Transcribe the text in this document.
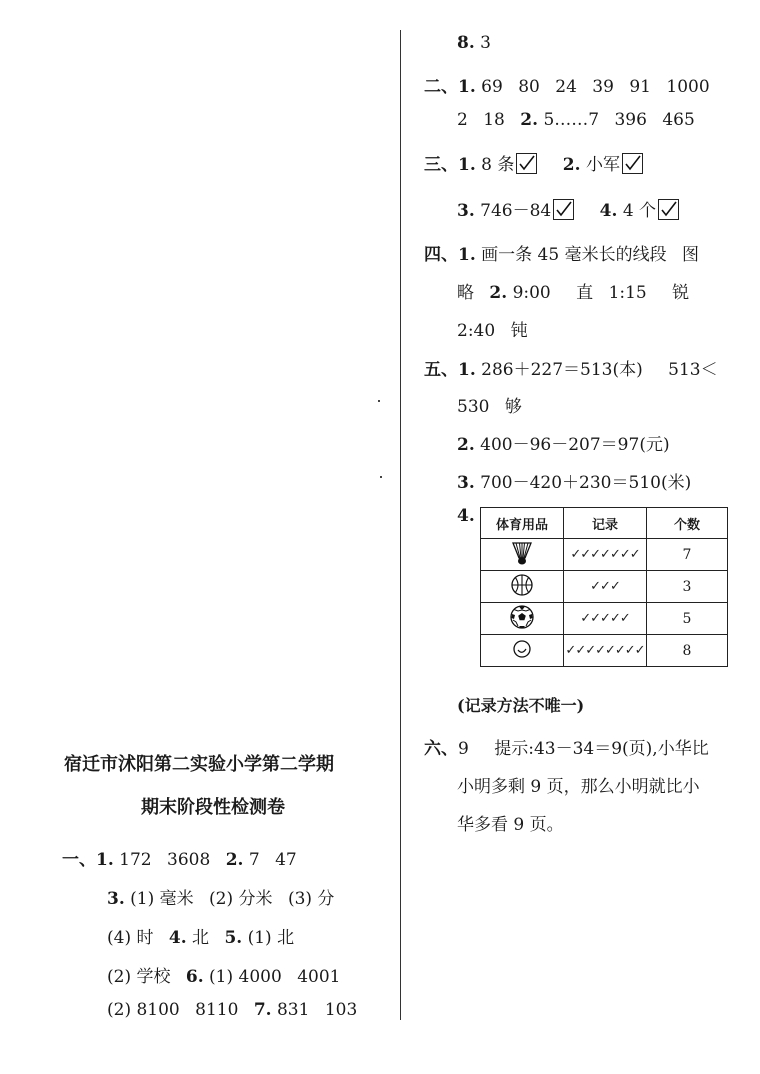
宿迁市沭阳第二实验小学第二学期
期末阶段性检测卷
一、1. 172 3608 2. 7 47
3. (1) 毫米 (2) 分米 (3) 分
(4) 时 4. 北 5. (1) 北
(2) 学校 6. (1) 4000 4001
(2) 8100 8110 7. 831 103
8. 3
二、1. 69 80 24 39 91 1000
2 18 2. 5……7 396 465
三、1. 8 条	2. 小军
3. 746－84	4. 4 个
四、1. 画一条 45 毫米长的线段 图
略 2. 9:00 直 1:15 锐
2:40 钝
五、1. 286＋227＝513(本) 513＜
530 够
2. 400－96－207＝97(元)
3. 700－420＋230＝510(米)
4. 体育用品	记录	个数
	✓✓✓✓✓✓✓	7
	✓✓✓	3
	✓✓✓✓✓	5
	✓✓✓✓✓✓✓✓	8
(记录方法不唯一)
六、9 提示:43－34＝9(页),小华比
小明多剩 9 页，那么小明就比小
华多看 9 页。
